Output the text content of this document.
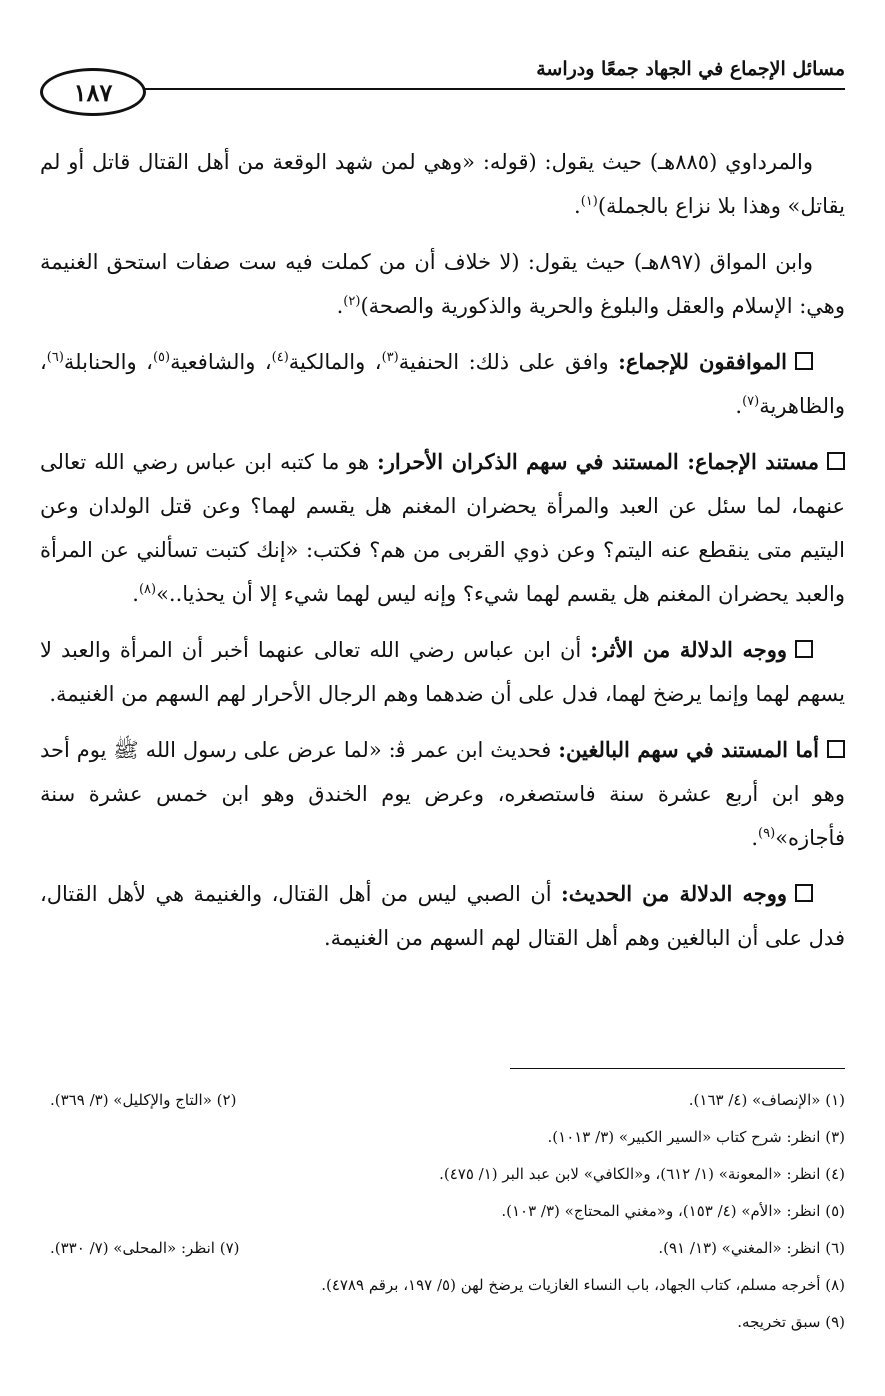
مسائل الإجماع في الجهاد جمعًا ودراسة
١٨٧

والمرداوي (٨٨٥هـ) حيث يقول: (قوله: «وهي لمن شهد الوقعة من أهل القتال قاتل أو لم يقاتل» وهذا بلا نزاع بالجملة)$^{(١)}$.

وابن المواق (٨٩٧هـ) حيث يقول: (لا خلاف أن من كملت فيه ست صفات استحق الغنيمة وهي: الإسلام والعقل والبلوغ والحرية والذكورية والصحة)$^{(٢)}$.

الموافقون للإجماع: وافق على ذلك: الحنفية$^{(٣)}$، والمالكية$^{(٤)}$، والشافعية$^{(٥)}$، والحنابلة$^{(٦)}$، والظاهرية$^{(٧)}$.

مستند الإجماع: المستند في سهم الذكران الأحرار: هو ما كتبه ابن عباس رضي الله تعالى عنهما، لما سئل عن العبد والمرأة يحضران المغنم هل يقسم لهما؟ وعن قتل الولدان وعن اليتيم متى ينقطع عنه اليتم؟ وعن ذوي القربى من هم؟ فكتب: «إنك كتبت تسألني عن المرأة والعبد يحضران المغنم هل يقسم لهما شيء؟ وإنه ليس لهما شيء إلا أن يحذيا..»$^{(٨)}$.

ووجه الدلالة من الأثر: أن ابن عباس رضي الله تعالى عنهما أخبر أن المرأة والعبد لا يسهم لهما وإنما يرضخ لهما، فدل على أن ضدهما وهم الرجال الأحرار لهم السهم من الغنيمة.

أما المستند في سهم البالغين: فحديث ابن عمر ﭬ: «لما عرض على رسول الله ﷺ يوم أحد وهو ابن أربع عشرة سنة فاستصغره، وعرض يوم الخندق وهو ابن خمس عشرة سنة فأجازه»$^{(٩)}$.

ووجه الدلالة من الحديث: أن الصبي ليس من أهل القتال، والغنيمة هي لأهل القتال، فدل على أن البالغين وهم أهل القتال لهم السهم من الغنيمة.

(١) «الإنصاف» (٤/ ١٦٣).
(٢) «التاج والإكليل» (٣/ ٣٦٩).
(٣) انظر: شرح كتاب «السير الكبير» (٣/ ١٠١٣).
(٤) انظر: «المعونة» (١/ ٦١٢)، و«الكافي» لابن عبد البر (١/ ٤٧٥).
(٥) انظر: «الأم» (٤/ ١٥٣)، و«مغني المحتاج» (٣/ ١٠٣).
(٦) انظر: «المغني» (١٣/ ٩١).
(٧) انظر: «المحلى» (٧/ ٣٣٠).
(٨) أخرجه مسلم، كتاب الجهاد، باب النساء الغازيات يرضخ لهن (٥/ ١٩٧، برقم ٤٧٨٩).
(٩) سبق تخريجه.
